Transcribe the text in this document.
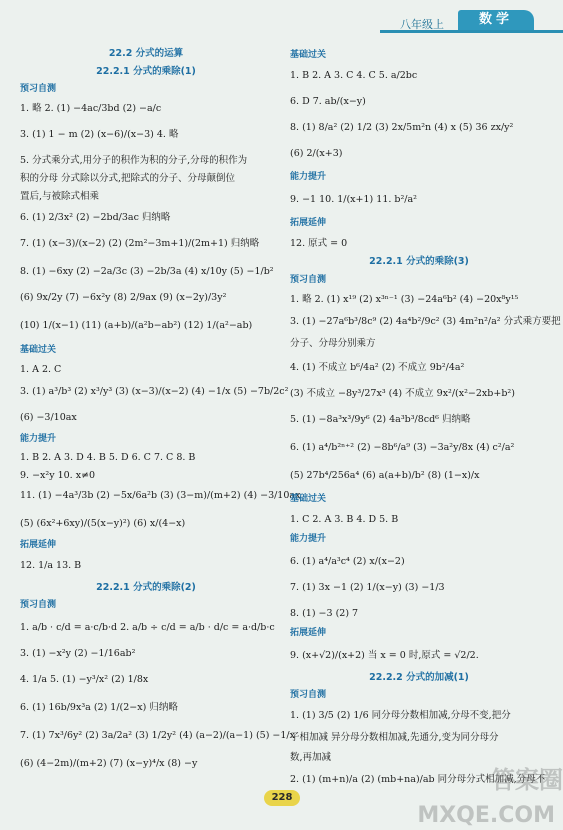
八年级上	数学
22.2 分式的运算
22.2.1 分式的乘除(1)
预习自测
1. 略 2. (1) −4ac/3bd (2) −a/c
3. (1) 1 − m (2) (x−6)/(x−3) 4. 略
5. 分式乘分式,用分子的积作为积的分子,分母的积作为
积的分母 分式除以分式,把除式的分子、分母颠倒位
置后,与被除式相乘
6. (1) 2/3x² (2) −2bd/3ac 归纳略
7. (1) (x−3)/(x−2) (2) (2m²−3m+1)/(2m+1) 归纳略
8. (1) −6xy (2) −2a/3c (3) −2b/3a (4) x/10y (5) −1/b²
(6) 9x/2y (7) −6x²y (8) 2/9ax (9) (x−2y)/3y²
(10) 1/(x−1) (11) (a+b)/(a²b−ab²) (12) 1/(a²−ab)
基础过关
1. A 2. C
3. (1) a³/b³ (2) x³/y³ (3) (x−3)/(x−2) (4) −1/x (5) −7b/2c²
(6) −3/10ax
能力提升
1. B 2. A 3. D 4. B 5. D 6. C 7. C 8. B
9. −x²y 10. x≠0
11. (1) −4a³/3b (2) −5x/6a²b (3) (3−m)/(m+2) (4) −3/10ax
(5) (6x²+6xy)/(5(x−y)²) (6) x/(4−x)
拓展延伸
12. 1/a 13. B
22.2.1 分式的乘除(2)
预习自测
1. a/b · c/d = a·c/b·d 2. a/b ÷ c/d = a/b · d/c = a·d/b·c
3. (1) −x²y (2) −1/16ab²
4. 1/a 5. (1) −y³/x² (2) 1/8x
6. (1) 16b/9x³a (2) 1/(2−x) 归纳略
7. (1) 7x³/6y² (2) 3a/2a² (3) 1/2y² (4) (a−2)/(a−1) (5) −1/x
(6) (4−2m)/(m+2) (7) (x−y)⁴/x (8) −y
基础过关
1. B 2. A 3. C 4. C 5. a/2bc
6. D 7. ab/(x−y)
8. (1) 8/a² (2) 1/2 (3) 2x/5m²n (4) x (5) 36 zx/y²
(6) 2/(x+3)
能力提升
9. −1 10. 1/(x+1) 11. b²/a²
拓展延伸
12. 原式 = 0
22.2.1 分式的乘除(3)
预习自测
1. 略 2. (1) x¹⁹ (2) x³ⁿ⁻¹ (3) −24a⁶b² (4) −20x⁸y¹⁵
3. (1) −27a⁶b³/8c⁹ (2) 4a⁴b²/9c² (3) 4m²n²/a² 分式乘方要把
分子、分母分别乘方
4. (1) 不成立 b⁶/4a² (2) 不成立 9b²/4a²
(3) 不成立 −8y³/27x³ (4) 不成立 9x²/(x²−2xb+b²)
5. (1) −8a³x³/9y⁶ (2) 4a³b³/8cd⁶ 归纳略
6. (1) a⁴/b²ⁿ⁺² (2) −8b⁶/a⁹ (3) −3a²y/8x (4) c²/a²
(5) 27b⁴/256a⁴ (6) a(a+b)/b² (8) (1−x)/x
基础过关
1. C 2. A 3. B 4. D 5. B
能力提升
6. (1) a⁴/a³c⁴ (2) x/(x−2)
7. (1) 3x −1 (2) 1/(x−y) (3) −1/3
8. (1) −3 (2) 7
拓展延伸
9. (x+√2)/(x+2) 当 x = 0 时,原式 = √2/2.
22.2.2 分式的加减(1)
预习自测
1. (1) 3/5 (2) 1/6 同分母分数相加减,分母不变,把分
子相加减 异分母分数相加减,先通分,变为同分母分
数,再加减
2. (1) (m+n)/a (2) (mb+na)/ab 同分母分式相加减,分母不
228
答案圈
MXQE.COM
